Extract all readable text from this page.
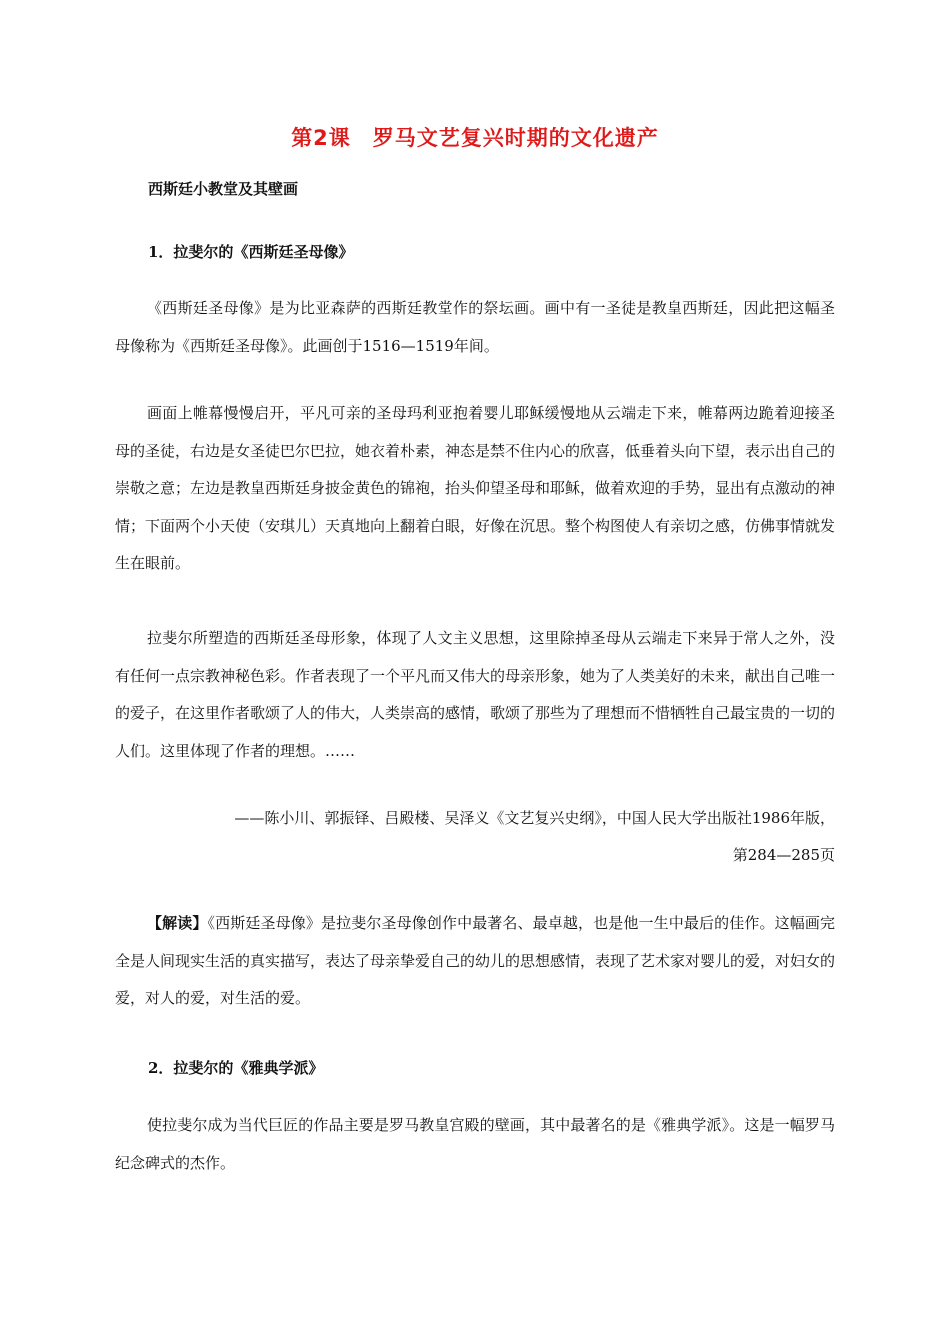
第2课　罗马文艺复兴时期的文化遗产
西斯廷小教堂及其壁画
1．拉斐尔的《西斯廷圣母像》

《西斯廷圣母像》是为比亚森萨的西斯廷教堂作的祭坛画。画中有一圣徒是教皇西斯廷，因此把这幅圣母像称为《西斯廷圣母像》。此画创于1516—1519年间。

画面上帷幕慢慢启开，平凡可亲的圣母玛利亚抱着婴儿耶稣缓慢地从云端走下来，帷幕两边跪着迎接圣母的圣徒，右边是女圣徒巴尔巴拉，她衣着朴素，神态是禁不住内心的欣喜，低垂着头向下望，表示出自己的崇敬之意；左边是教皇西斯廷身披金黄色的锦袍，抬头仰望圣母和耶稣，做着欢迎的手势，显出有点激动的神情；下面两个小天使（安琪儿）天真地向上翻着白眼，好像在沉思。整个构图使人有亲切之感，仿佛事情就发生在眼前。

拉斐尔所塑造的西斯廷圣母形象，体现了人文主义思想，这里除掉圣母从云端走下来异于常人之外，没有任何一点宗教神秘色彩。作者表现了一个平凡而又伟大的母亲形象，她为了人类美好的未来，献出自己唯一的爱子，在这里作者歌颂了人的伟大，人类崇高的感情，歌颂了那些为了理想而不惜牺牲自己最宝贵的一切的人们。这里体现了作者的理想。……

——陈小川、郭振铎、吕殿楼、吴泽义《文艺复兴史纲》，中国人民大学出版社1986年版，

第284—285页

【解读】《西斯廷圣母像》是拉斐尔圣母像创作中最著名、最卓越，也是他一生中最后的佳作。这幅画完全是人间现实生活的真实描写，表达了母亲挚爱自己的幼儿的思想感情，表现了艺术家对婴儿的爱，对妇女的爱，对人的爱，对生活的爱。

2．拉斐尔的《雅典学派》

使拉斐尔成为当代巨匠的作品主要是罗马教皇宫殿的壁画，其中最著名的是《雅典学派》。这是一幅罗马纪念碑式的杰作。
